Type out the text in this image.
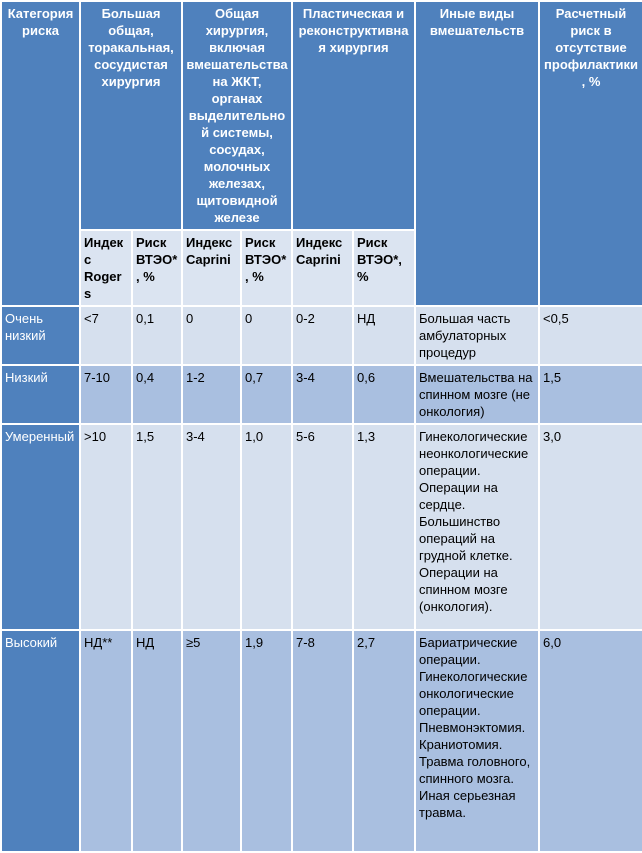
Категория риска	Большая общая, торакальная, сосудистая хирургия		Общая хирургия, включая вмешательства на ЖКТ, органах выделительной системы, сосудах, молочных железах, щитовидной железе		Пластическая и реконструктивная хирургия		Иные виды вмешательств	Расчетный риск в отсутствие профилактики, %
	Индекс Rogers	Риск ВТЭО*, %	Индекс Caprini	Риск ВТЭО*, %	Индекс Caprini	Риск ВТЭО*, %		
Очень низкий	<7	0,1	0	0	0-2	НД	Большая часть амбулаторных процедур	<0,5
Низкий	7-10	0,4	1-2	0,7	3-4	0,6	Вмешательства на спинном мозге (не онкология)	1,5
Умеренный	>10	1,5	3-4	1,0	5-6	1,3	Гинекологические неонкологические операции. Операции на сердце. Большинство операций на грудной клетке. Операции на спинном мозге (онкология).	3,0
Высокий	НД**	НД	≥5	1,9	7-8	2,7	Бариатрические операции. Гинекологические онкологические операции. Пневмонэктомия. Краниотомия. Травма головного, спинного мозга. Иная серьезная травма.	6,0
